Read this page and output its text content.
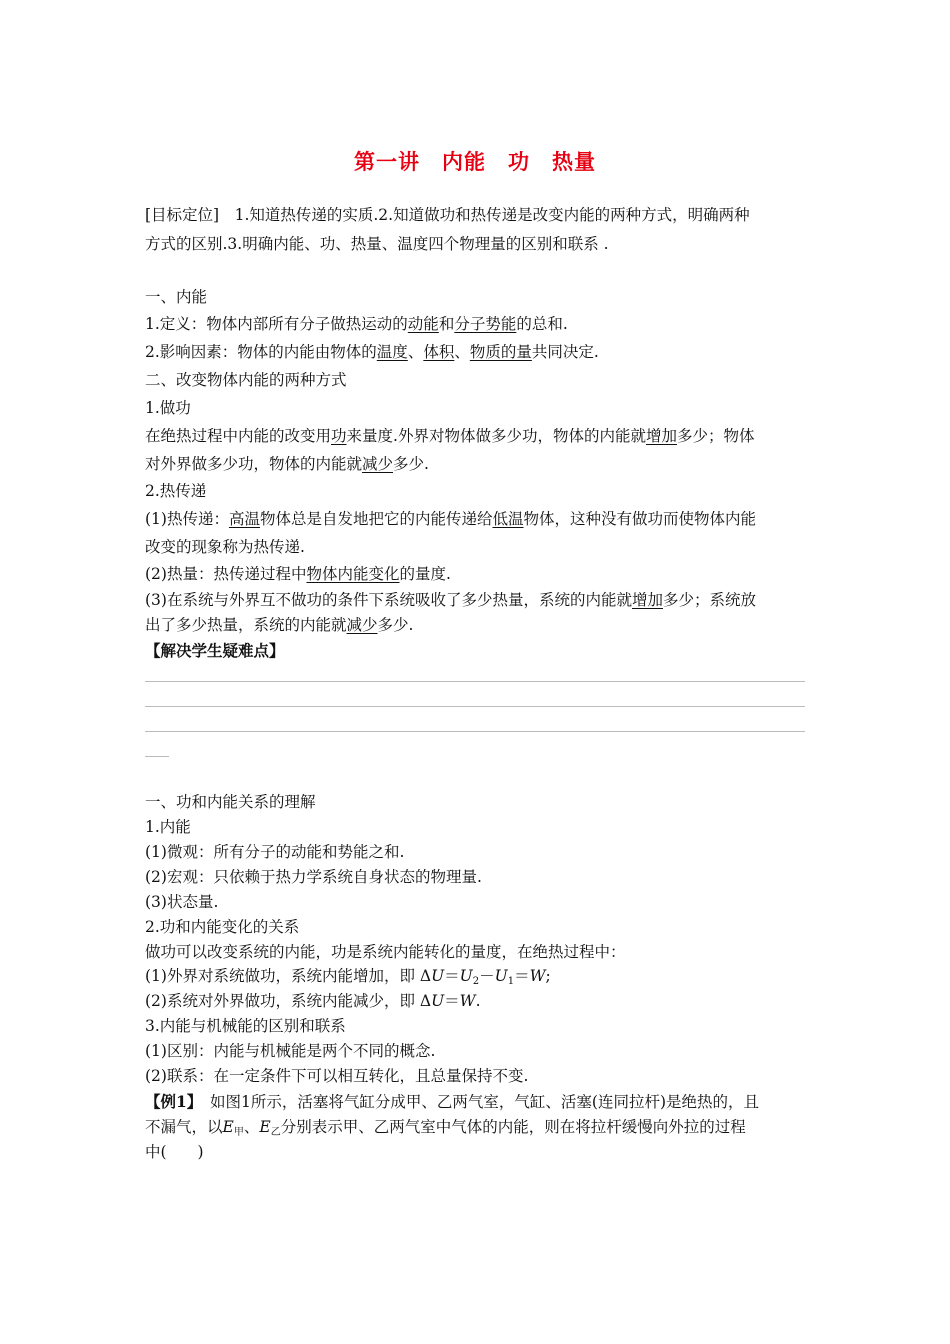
第一讲 内能 功 热量
[目标定位]　1.知道热传递的实质.2.知道做功和热传递是改变内能的两种方式，明确两种
方式的区别.3.明确内能、功、热量、温度四个物理量的区别和联系 .
一、内能
1.定义：物体内部所有分子做热运动的动能和分子势能的总和.
2.影响因素：物体的内能由物体的温度、体积、物质的量共同决定.
二、改变物体内能的两种方式
1.做功
在绝热过程中内能的改变用功来量度.外界对物体做多少功，物体的内能就增加多少；物体
对外界做多少功，物体的内能就减少多少.
2.热传递
(1)热传递：高温物体总是自发地把它的内能传递给低温物体，这种没有做功而使物体内能
改变的现象称为热传递.
(2)热量：热传递过程中物体内能变化的量度.
(3)在系统与外界互不做功的条件下系统吸收了多少热量，系统的内能就增加多少；系统放
出了多少热量，系统的内能就减少多少.
【解决学生疑难点】
一、功和内能关系的理解
1.内能
(1)微观：所有分子的动能和势能之和.
(2)宏观：只依赖于热力学系统自身状态的物理量.
(3)状态量.
2.功和内能变化的关系
做功可以改变系统的内能，功是系统内能转化的量度，在绝热过程中：
(1)外界对系统做功，系统内能增加，即 $\Delta U=U_2-U_1=W$;
(2)系统对外界做功，系统内能减少，即 ΔU＝W.
3.内能与机械能的区别和联系
(1)区别：内能与机械能是两个不同的概念.
(2)联系：在一定条件下可以相互转化，且总量保持不变.
【例1】　如图1所示，活塞将气缸分成甲、乙两气室，气缸、活塞(连同拉杆)是绝热的，且
不漏气，以$E_甲$、$E_乙$分别表示甲、乙两气室中气体的内能，则在将拉杆缓慢向外拉的过程
中(　　)
